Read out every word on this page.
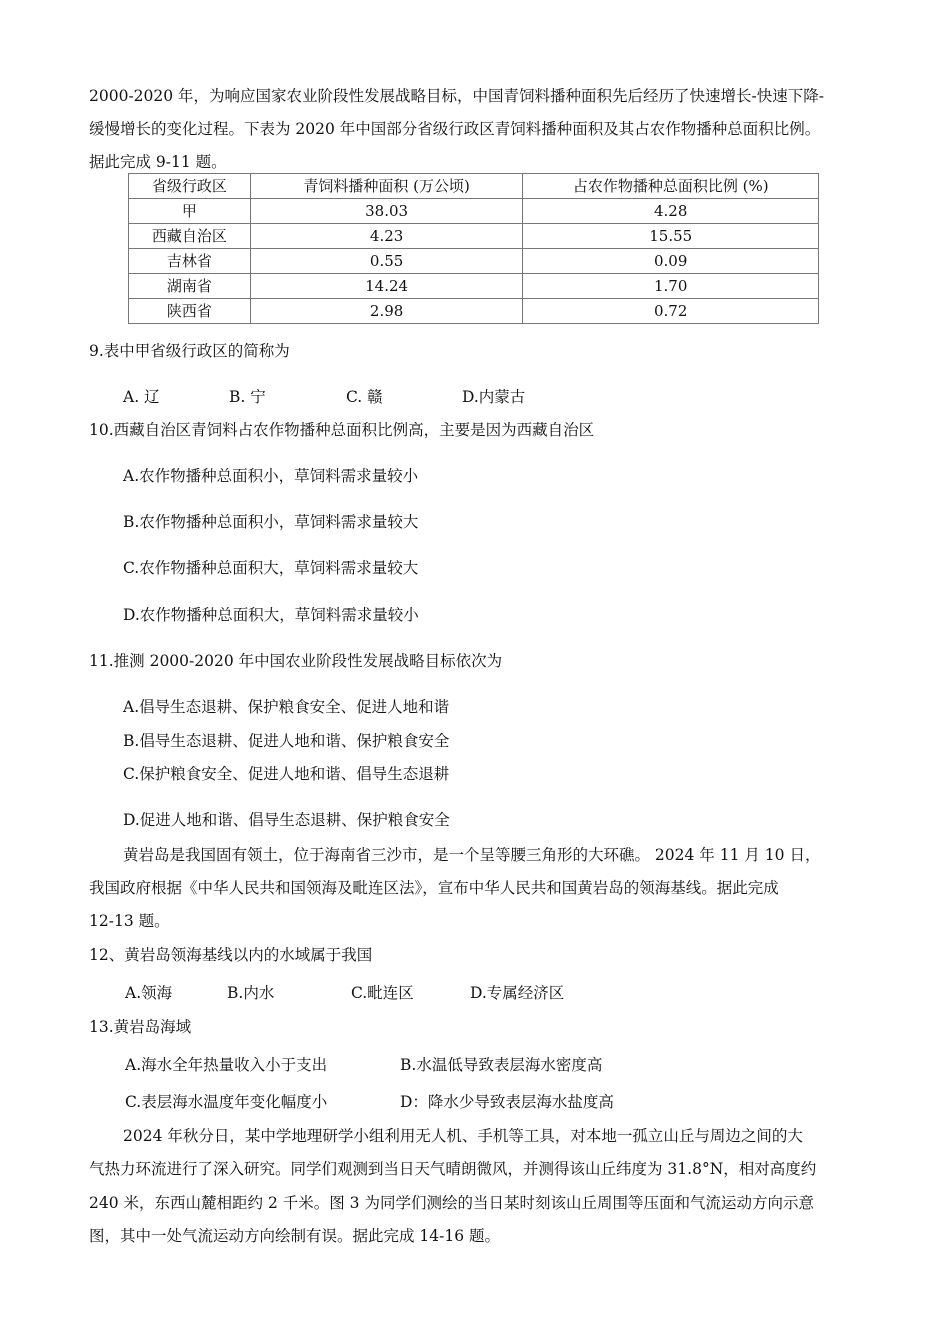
2000-2020 年，为响应国家农业阶段性发展战略目标，中国青饲料播种面积先后经历了快速增长-快速下降-
缓慢增长的变化过程。下表为 2020 年中国部分省级行政区青饲料播种面积及其占农作物播种总面积比例。
据此完成 9-11 题。
省级行政区	青饲料播种面积 (万公顷)	占农作物播种总面积比例 (%)
甲	38.03	4.28
西藏自治区	4.23	15.55
吉林省	0.55	0.09
湖南省	14.24	1.70
陕西省	2.98	0.72
9.表中甲省级行政区的简称为
A. 辽	B. 宁	C. 赣	D.内蒙古
10.西藏自治区青饲料占农作物播种总面积比例高，主要是因为西藏自治区
A.农作物播种总面积小，草饲料需求量较小
B.农作物播种总面积小，草饲料需求量较大
C.农作物播种总面积大，草饲料需求量较大
D.农作物播种总面积大，草饲料需求量较小
11.推测 2000-2020 年中国农业阶段性发展战略目标依次为
A.倡导生态退耕、保护粮食安全、促进人地和谐
B.倡导生态退耕、促进人地和谐、保护粮食安全
C.保护粮食安全、促进人地和谐、倡导生态退耕
D.促进人地和谐、倡导生态退耕、保护粮食安全
黄岩岛是我国固有领土，位于海南省三沙市，是一个呈等腰三角形的大环礁。 2024 年 11 月 10 日，
我国政府根据《中华人民共和国领海及毗连区法》，宣布中华人民共和国黄岩岛的领海基线。据此完成
12-13 题。
12、黄岩岛领海基线以内的水域属于我国
A.领海	B.内水	C.毗连区	D.专属经济区
13.黄岩岛海域
A.海水全年热量收入小于支出	B.水温低导致表层海水密度高
C.表层海水温度年变化幅度小	D：降水少导致表层海水盐度高
2024 年秋分日，某中学地理研学小组利用无人机、手机等工具，对本地一孤立山丘与周边之间的大
气热力环流进行了深入研究。同学们观测到当日天气晴朗微风，并测得该山丘纬度为 31.8°N，相对高度约
240 米，东西山麓相距约 2 千米。图 3 为同学们测绘的当日某时刻该山丘周围等压面和气流运动方向示意
图，其中一处气流运动方向绘制有误。据此完成 14-16 题。
